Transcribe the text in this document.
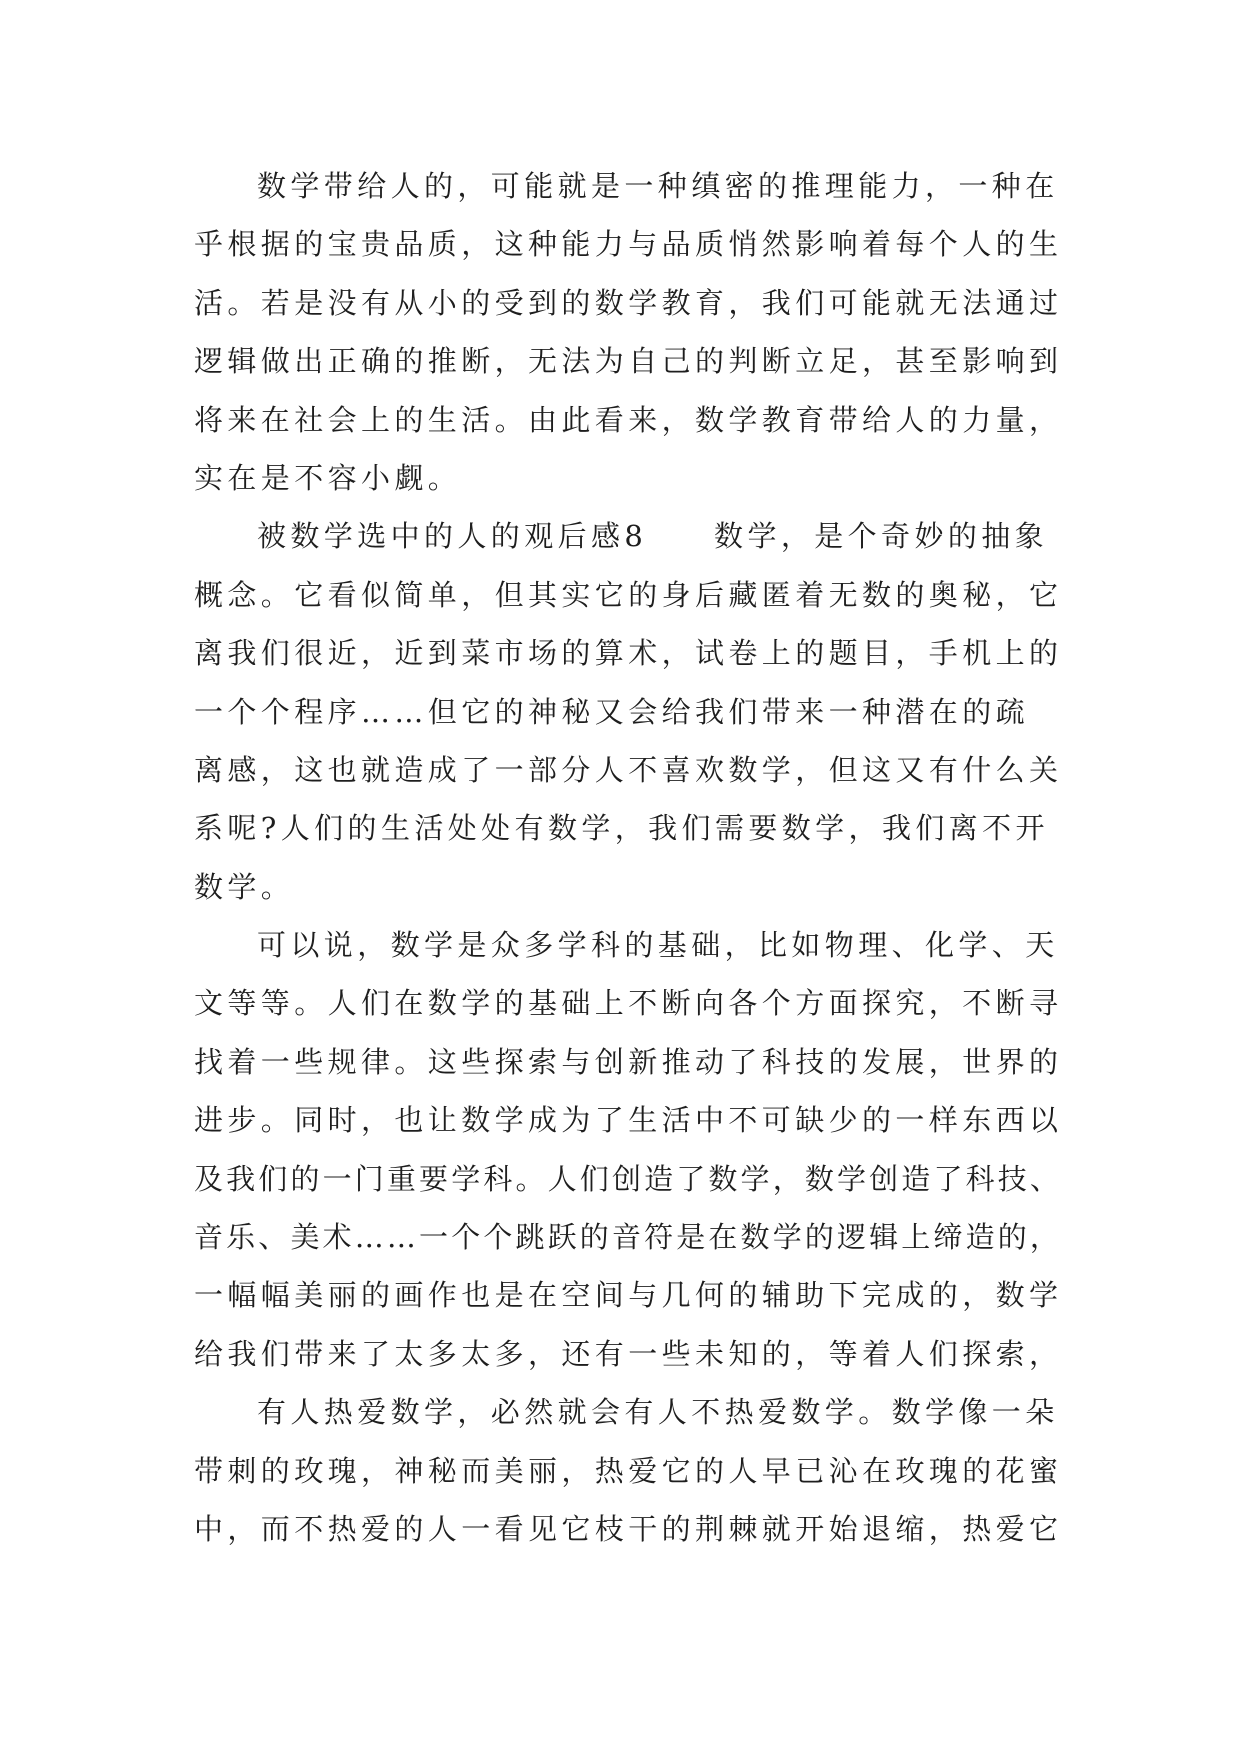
数学带给人的，可能就是一种缜密的推理能力，一种在
乎根据的宝贵品质，这种能力与品质悄然影响着每个人的生
活。若是没有从小的受到的数学教育，我们可能就无法通过
逻辑做出正确的推断，无法为自己的判断立足，甚至影响到
将来在社会上的生活。由此看来，数学教育带给人的力量，
实在是不容小觑。
被数学选中的人的观后感8　　数学，是个奇妙的抽象
概念。它看似简单，但其实它的身后藏匿着无数的奥秘，它
离我们很近，近到菜市场的算术，试卷上的题目，手机上的
一个个程序……但它的神秘又会给我们带来一种潜在的疏
离感，这也就造成了一部分人不喜欢数学，但这又有什么关
系呢?人们的生活处处有数学，我们需要数学，我们离不开
数学。
可以说，数学是众多学科的基础，比如物理、化学、天
文等等。人们在数学的基础上不断向各个方面探究，不断寻
找着一些规律。这些探索与创新推动了科技的发展，世界的
进步。同时，也让数学成为了生活中不可缺少的一样东西以
及我们的一门重要学科。人们创造了数学，数学创造了科技、
音乐、美术……一个个跳跃的音符是在数学的逻辑上缔造的，
一幅幅美丽的画作也是在空间与几何的辅助下完成的，数学
给我们带来了太多太多，还有一些未知的，等着人们探索，
有人热爱数学，必然就会有人不热爱数学。数学像一朵
带刺的玫瑰，神秘而美丽，热爱它的人早已沁在玫瑰的花蜜
中，而不热爱的人一看见它枝干的荆棘就开始退缩，热爱它
